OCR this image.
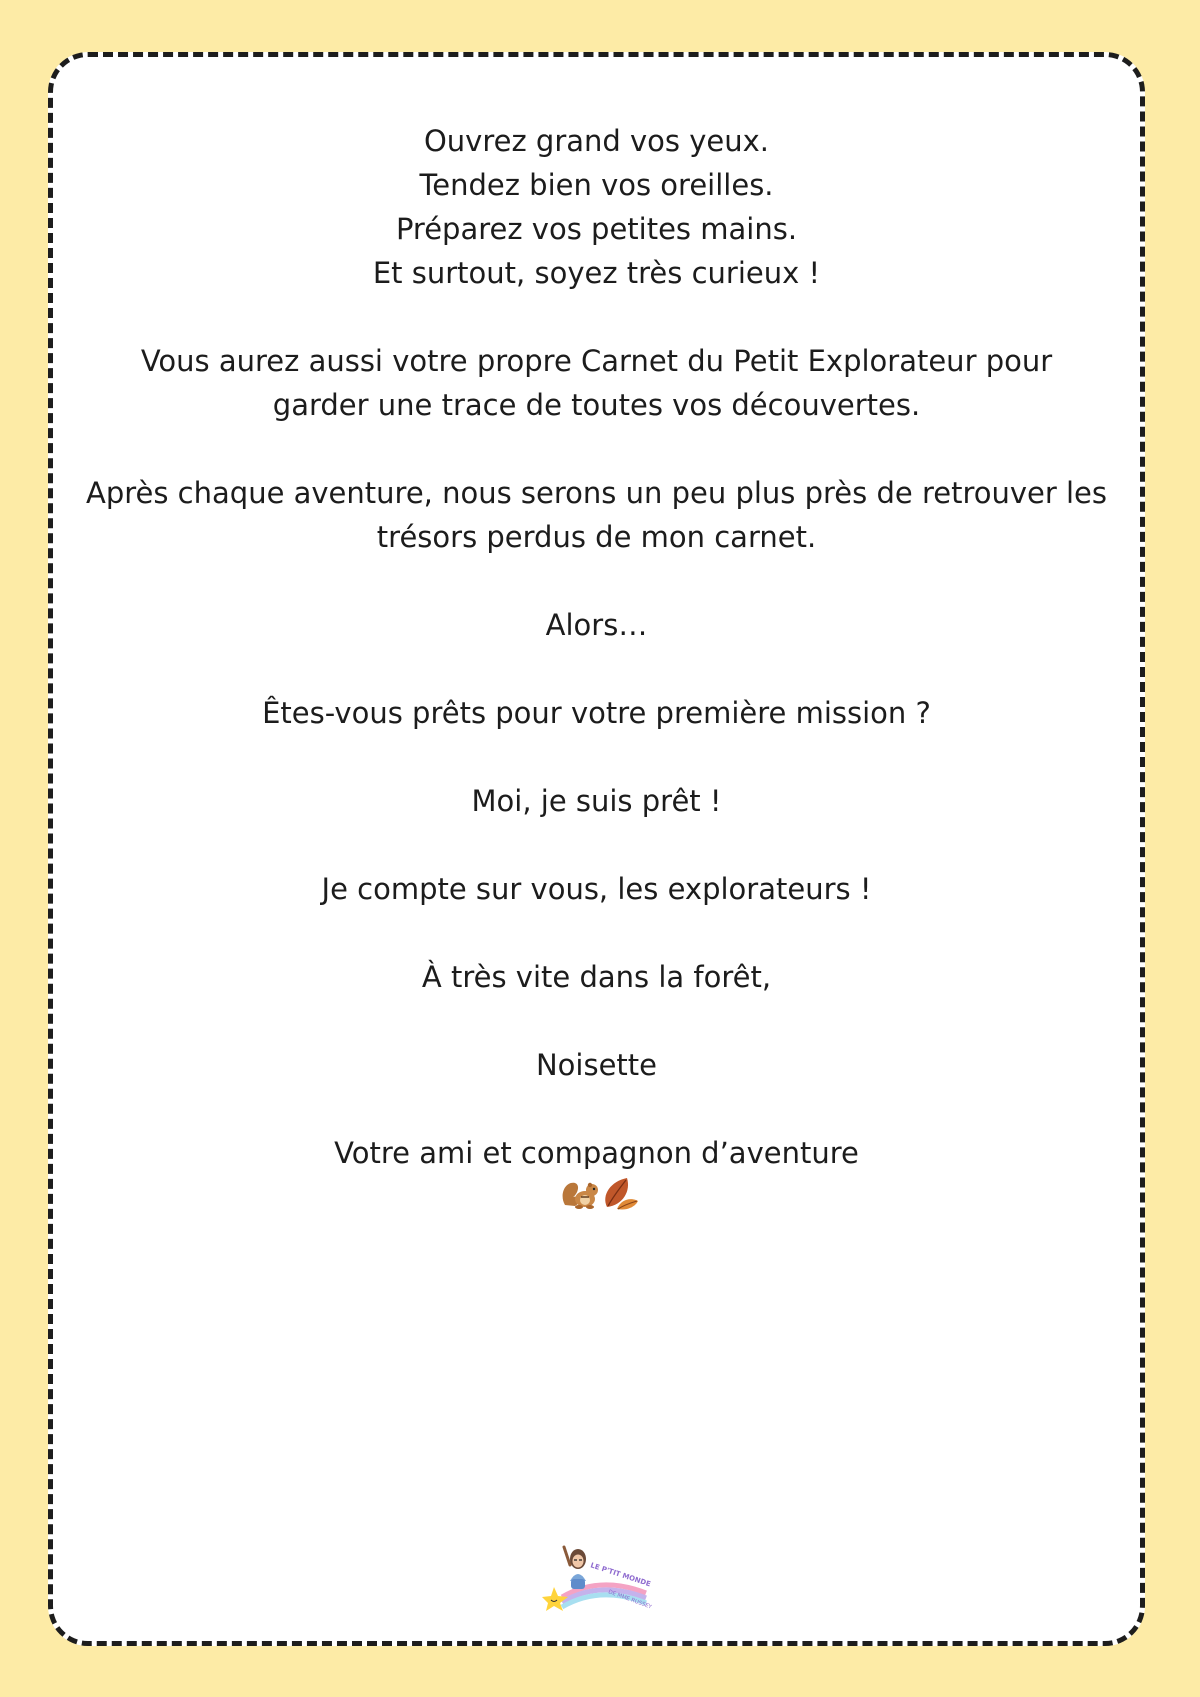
Ouvrez grand vos yeux.
Tendez bien vos oreilles.
Préparez vos petites mains.
Et surtout, soyez très curieux !

Vous aurez aussi votre propre Carnet du Petit Explorateur pour
garder une trace de toutes vos découvertes.

Après chaque aventure, nous serons un peu plus près de retrouver les
trésors perdus de mon carnet.

Alors…

Êtes-vous prêts pour votre première mission ?

Moi, je suis prêt !

Je compte sur vous, les explorateurs !

À très vite dans la forêt,

Noisette

Votre ami et compagnon d’aventure

LE P'TIT MONDE
DE MME RUSSEY
